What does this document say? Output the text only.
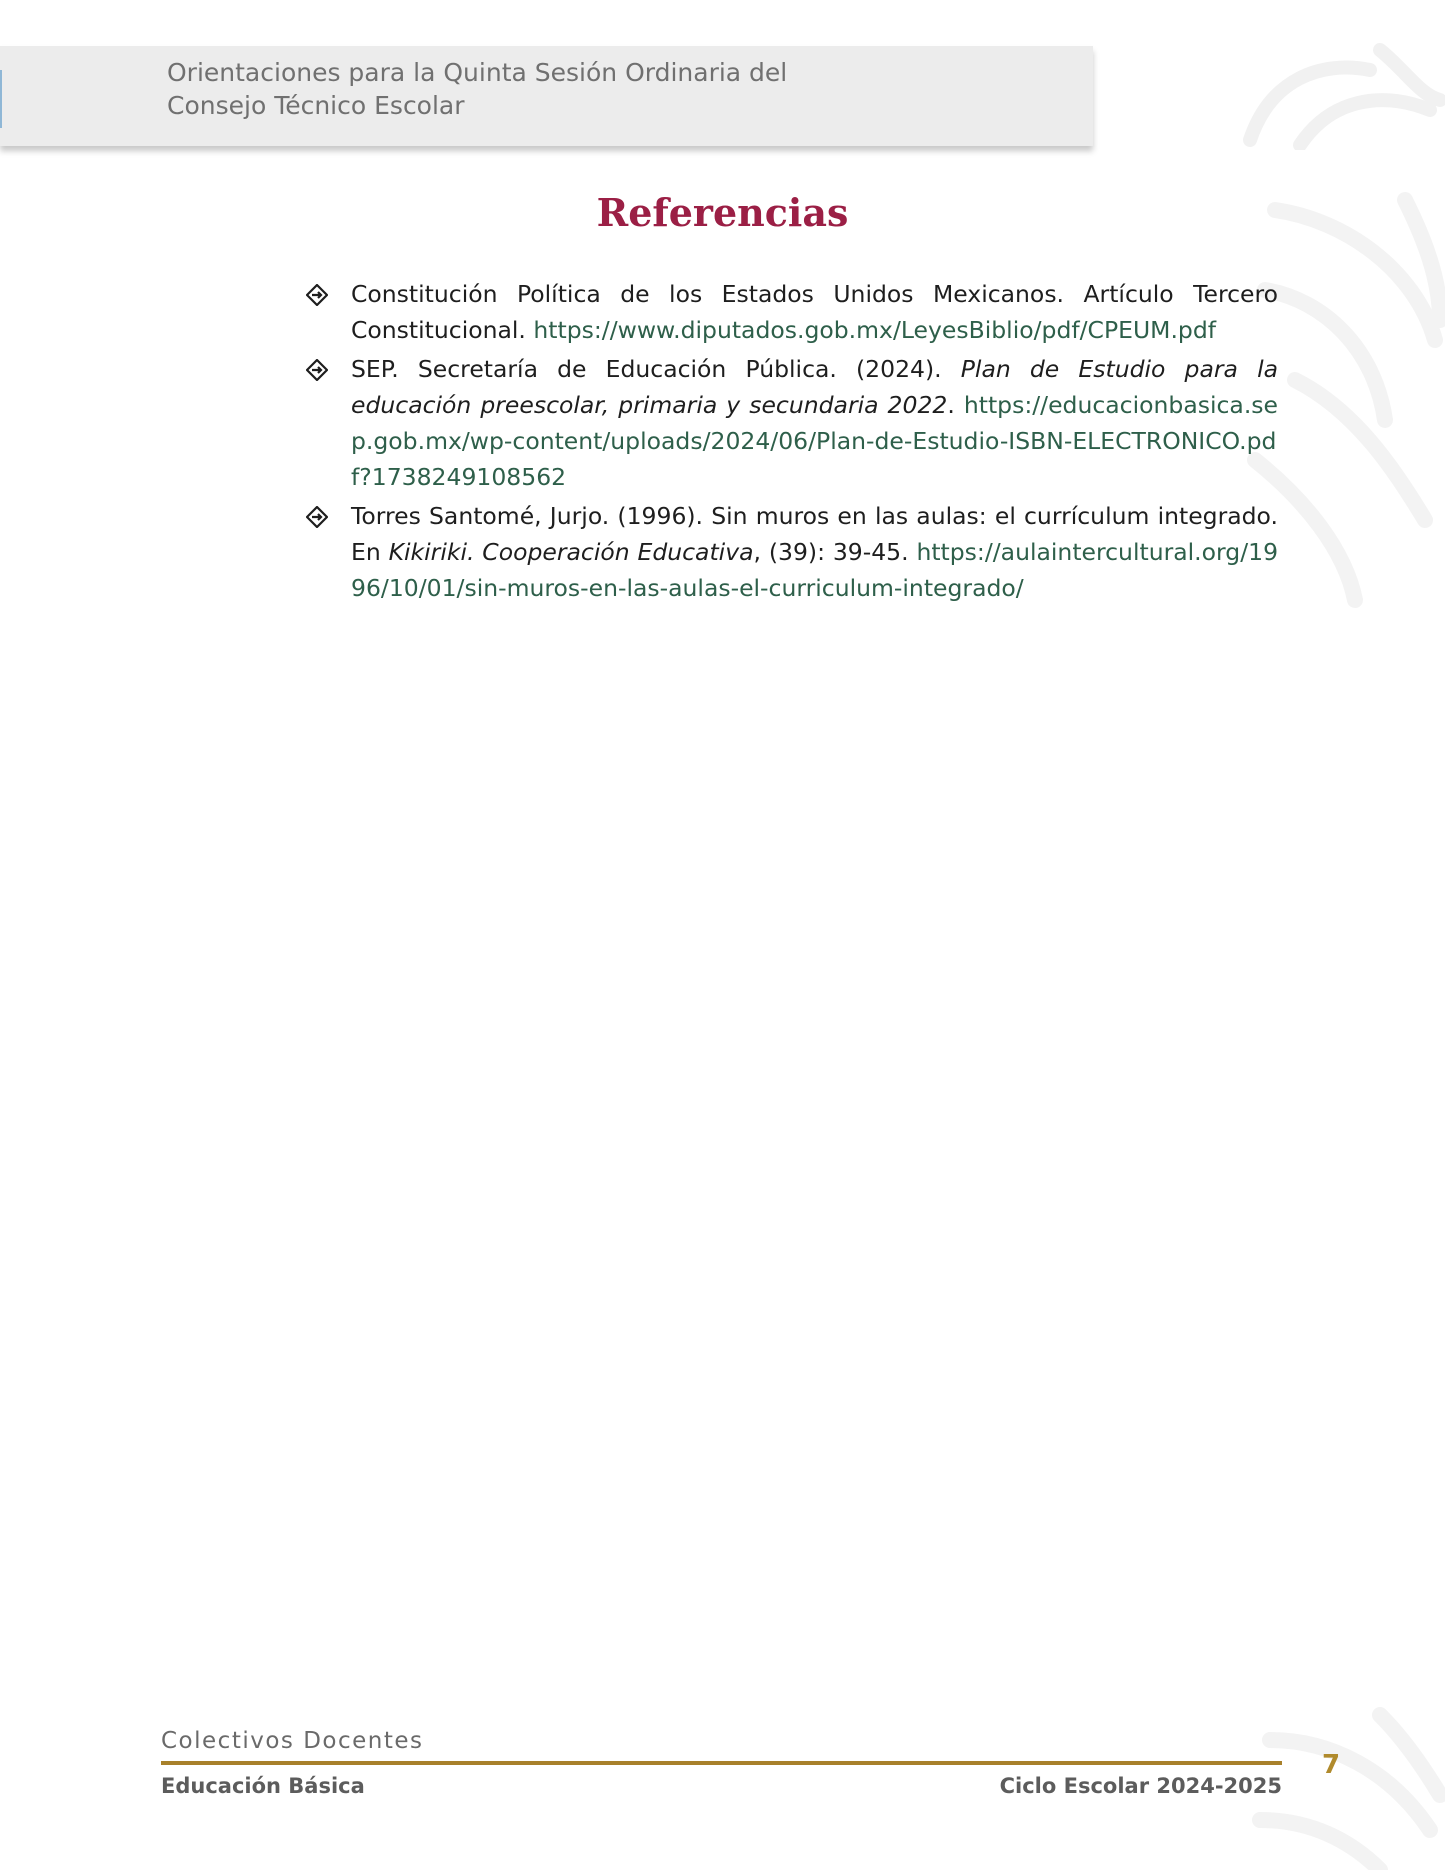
Orientaciones para la Quinta Sesión Ordinaria del
Consejo Técnico Escolar
Referencias
Constitución Política de los Estados Unidos Mexicanos. Artículo Tercero Constitucional. https://www.diputados.gob.mx/LeyesBiblio/pdf/CPEUM.pdf
SEP. Secretaría de Educación Pública. (2024). Plan de Estudio para la educación preescolar, primaria y secundaria 2022. https://educacionbasica.sep.gob.mx/wp-content/uploads/2024/06/Plan-de-Estudio-ISBN-ELECTRONICO.pdf?1738249108562
Torres Santomé, Jurjo. (1996). Sin muros en las aulas: el currículum integrado. En Kikiriki. Cooperación Educativa, (39): 39-45. https://aulaintercultural.org/1996/10/01/sin-muros-en-las-aulas-el-curriculum-integrado/
Colectivos Docentes
Educación Básica	Ciclo Escolar 2024-2025
7
